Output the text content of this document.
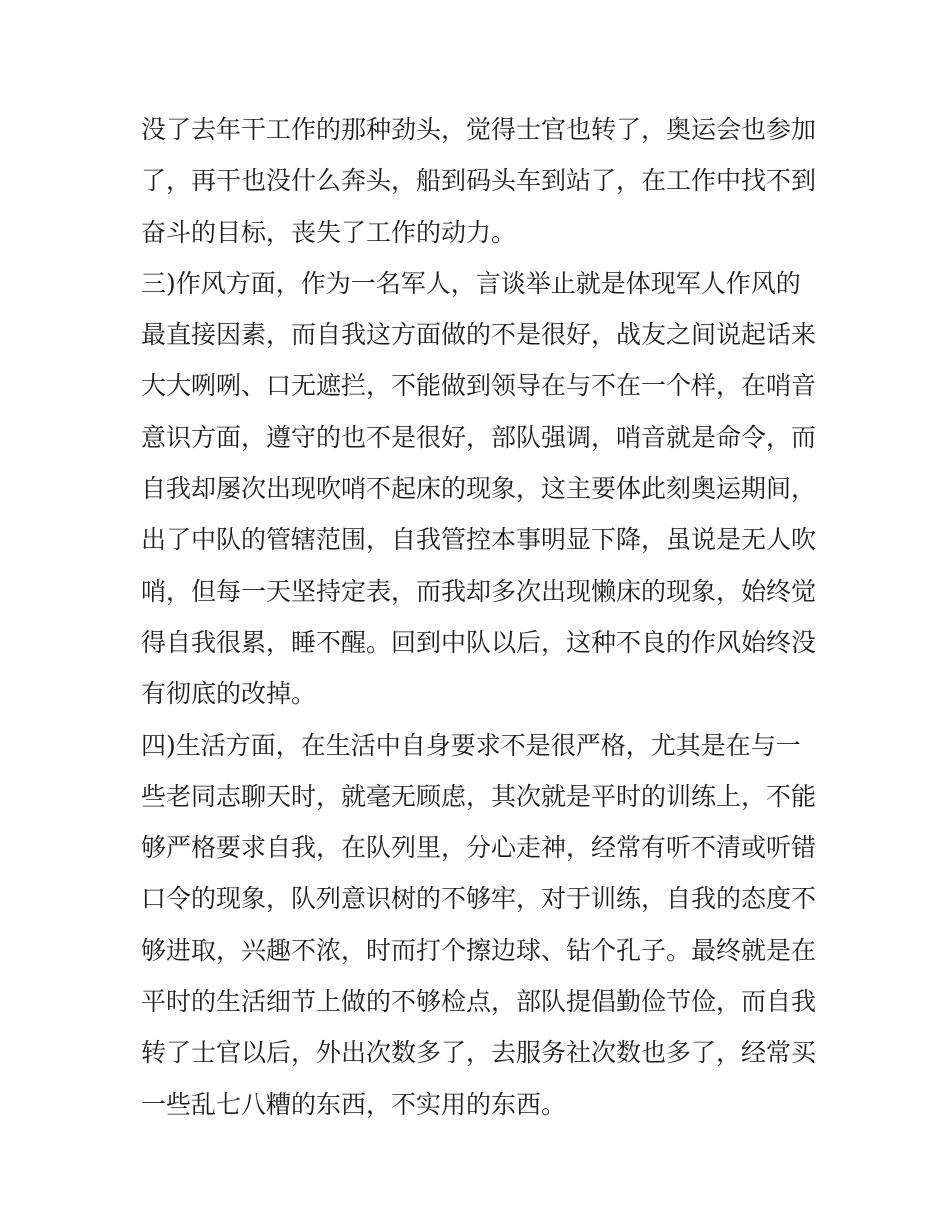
没了去年干工作的那种劲头，觉得士官也转了，奥运会也参加
了，再干也没什么奔头，船到码头车到站了，在工作中找不到
奋斗的目标，丧失了工作的动力。
三)作风方面，作为一名军人，言谈举止就是体现军人作风的
最直接因素，而自我这方面做的不是很好，战友之间说起话来
大大咧咧、口无遮拦，不能做到领导在与不在一个样，在哨音
意识方面，遵守的也不是很好，部队强调，哨音就是命令，而
自我却屡次出现吹哨不起床的现象，这主要体此刻奥运期间，
出了中队的管辖范围，自我管控本事明显下降，虽说是无人吹
哨，但每一天坚持定表，而我却多次出现懒床的现象，始终觉
得自我很累，睡不醒。回到中队以后，这种不良的作风始终没
有彻底的改掉。
四)生活方面，在生活中自身要求不是很严格，尤其是在与一
些老同志聊天时，就毫无顾虑，其次就是平时的训练上，不能
够严格要求自我，在队列里，分心走神，经常有听不清或听错
口令的现象，队列意识树的不够牢，对于训练，自我的态度不
够进取，兴趣不浓，时而打个擦边球、钻个孔子。最终就是在
平时的生活细节上做的不够检点，部队提倡勤俭节俭，而自我
转了士官以后，外出次数多了，去服务社次数也多了，经常买
一些乱七八糟的东西，不实用的东西。
